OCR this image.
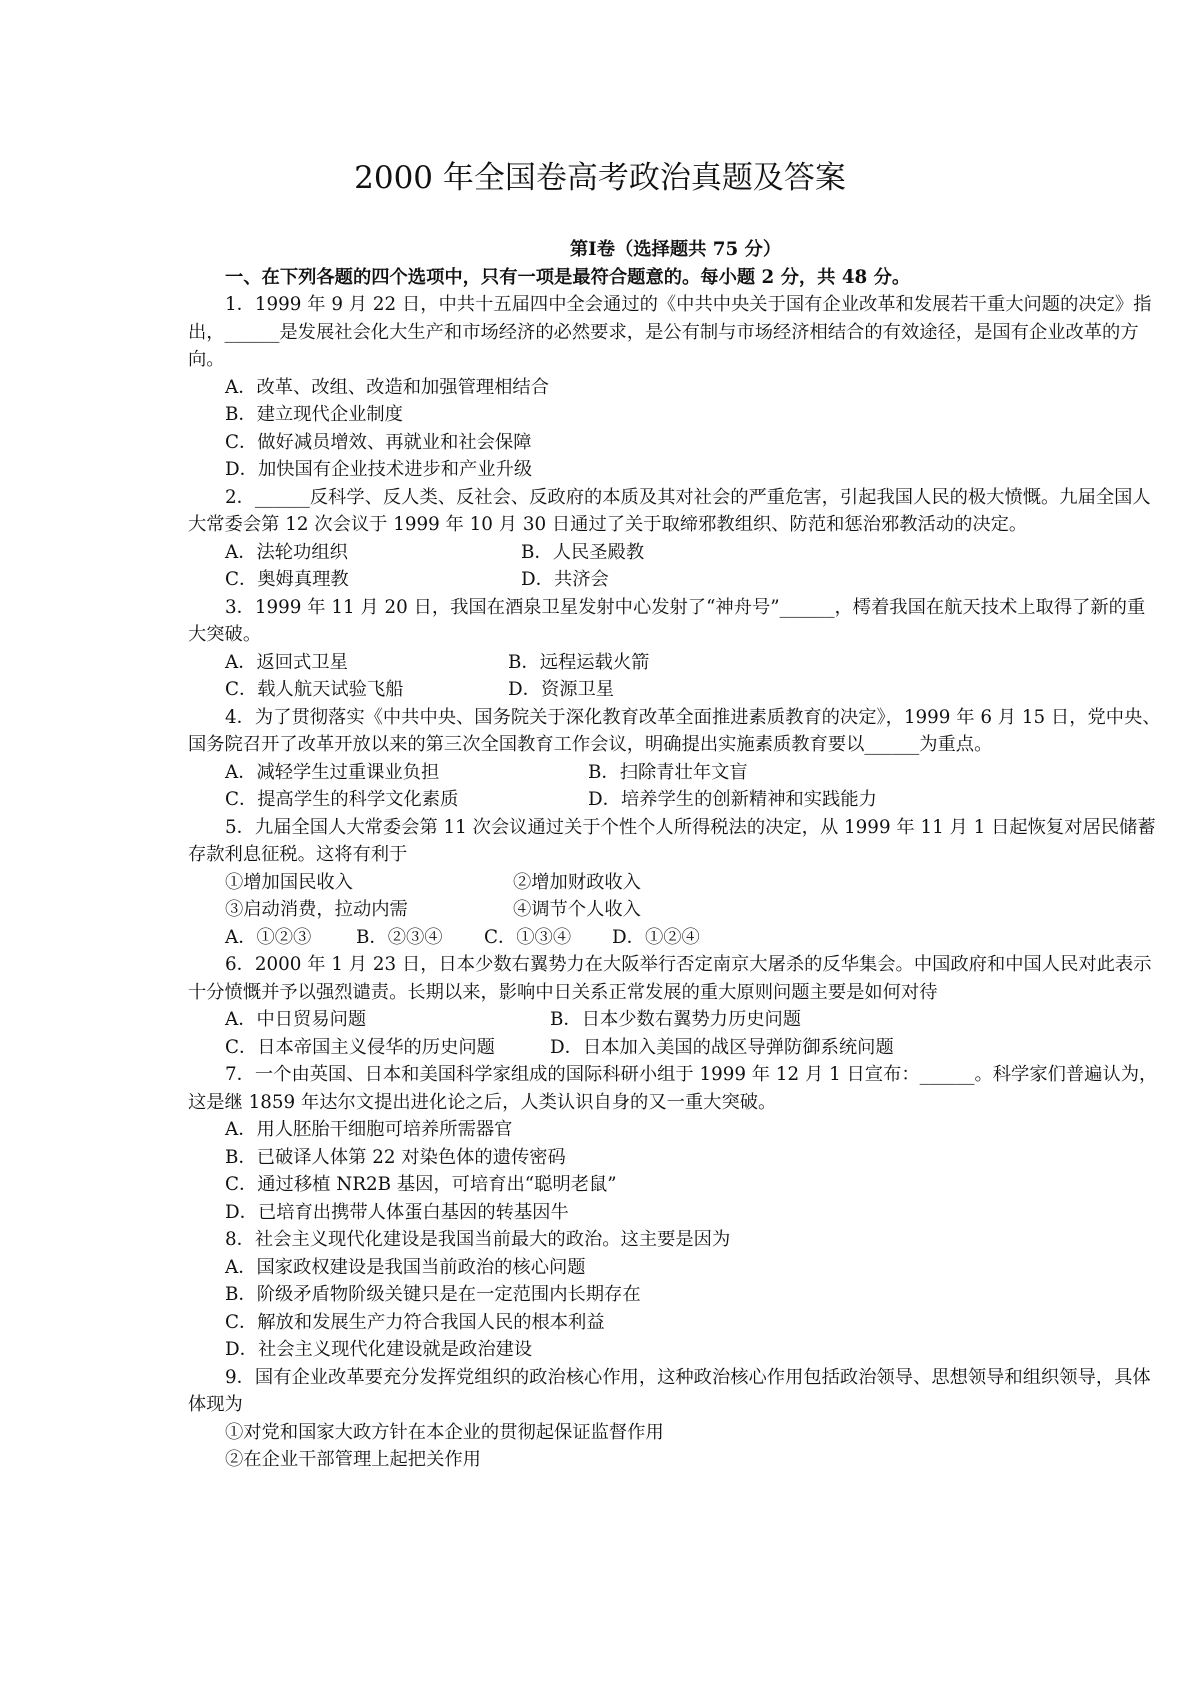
2000 年全国卷高考政治真题及答案
第Ⅰ卷（选择题共 75 分）
一、在下列各题的四个选项中，只有一项是最符合题意的。每小题 2 分，共 48 分。

1．1999 年 9 月 22 日，中共十五届四中全会通过的《中共中央关于国有企业改革和发展若干重大问题的决定》指出，______是发展社会化大生产和市场经济的必然要求，是公有制与市场经济相结合的有效途径，是国有企业改革的方向。

A．改革、改组、改造和加强管理相结合
B．建立现代企业制度
C．做好减员增效、再就业和社会保障
D．加快国有企业技术进步和产业升级

2．______反科学、反人类、反社会、反政府的本质及其对社会的严重危害，引起我国人民的极大愤慨。九届全国人大常委会第 12 次会议于 1999 年 10 月 30 日通过了关于取缔邪教组织、防范和惩治邪教活动的决定。

A．法轮功组织	B．人民圣殿教
C．奥姆真理教	D．共济会

3．1999 年 11 月 20 日，我国在酒泉卫星发射中心发射了“神舟号”______，樗着我国在航天技术上取得了新的重大突破。

A．返回式卫星	B．远程运载火箭
C．载人航天试验飞船	D．资源卫星

4．为了贯彻落实《中共中央、国务院关于深化教育改革全面推进素质教育的决定》，1999 年 6 月 15 日，党中央、国务院召开了改革开放以来的第三次全国教育工作会议，明确提出实施素质教育要以______为重点。

A．减轻学生过重课业负担	B．扫除青壮年文盲
C．提高学生的科学文化素质	D．培养学生的创新精神和实践能力

5．九届全国人大常委会第 11 次会议通过关于个性个人所得税法的决定，从 1999 年 11 月 1 日起恢复对居民储蓄存款利息征税。这将有利于

①增加国民收入	②增加财政收入
③启动消费，拉动内需	④调节个人收入
A．①②③ B．②③④ C．①③④ D．①②④

6．2000 年 1 月 23 日，日本少数右翼势力在大阪举行否定南京大屠杀的反华集会。中国政府和中国人民对此表示十分愤慨并予以强烈谴责。长期以来，影响中日关系正常发展的重大原则问题主要是如何对待

A．中日贸易问题	B．日本少数右翼势力历史问题
C．日本帝国主义侵华的历史问题	D．日本加入美国的战区导弹防御系统问题

7．一个由英国、日本和美国科学家组成的国际科研小组于 1999 年 12 月 1 日宣布：______。科学家们普遍认为，这是继 1859 年达尔文提出进化论之后，人类认识自身的又一重大突破。

A．用人胚胎干细胞可培养所需器官
B．已破译人体第 22 对染色体的遗传密码
C．通过移植 NR2B 基因，可培育出“聪明老鼠”
D．已培育出携带人体蛋白基因的转基因牛

8．社会主义现代化建设是我国当前最大的政治。这主要是因为

A．国家政权建设是我国当前政治的核心问题
B．阶级矛盾物阶级关键只是在一定范围内长期存在
C．解放和发展生产力符合我国人民的根本利益
D．社会主义现代化建设就是政治建设

9．国有企业改革要充分发挥党组织的政治核心作用，这种政治核心作用包括政治领导、思想领导和组织领导，具体体现为

①对党和国家大政方针在本企业的贯彻起保证监督作用
②在企业干部管理上起把关作用
